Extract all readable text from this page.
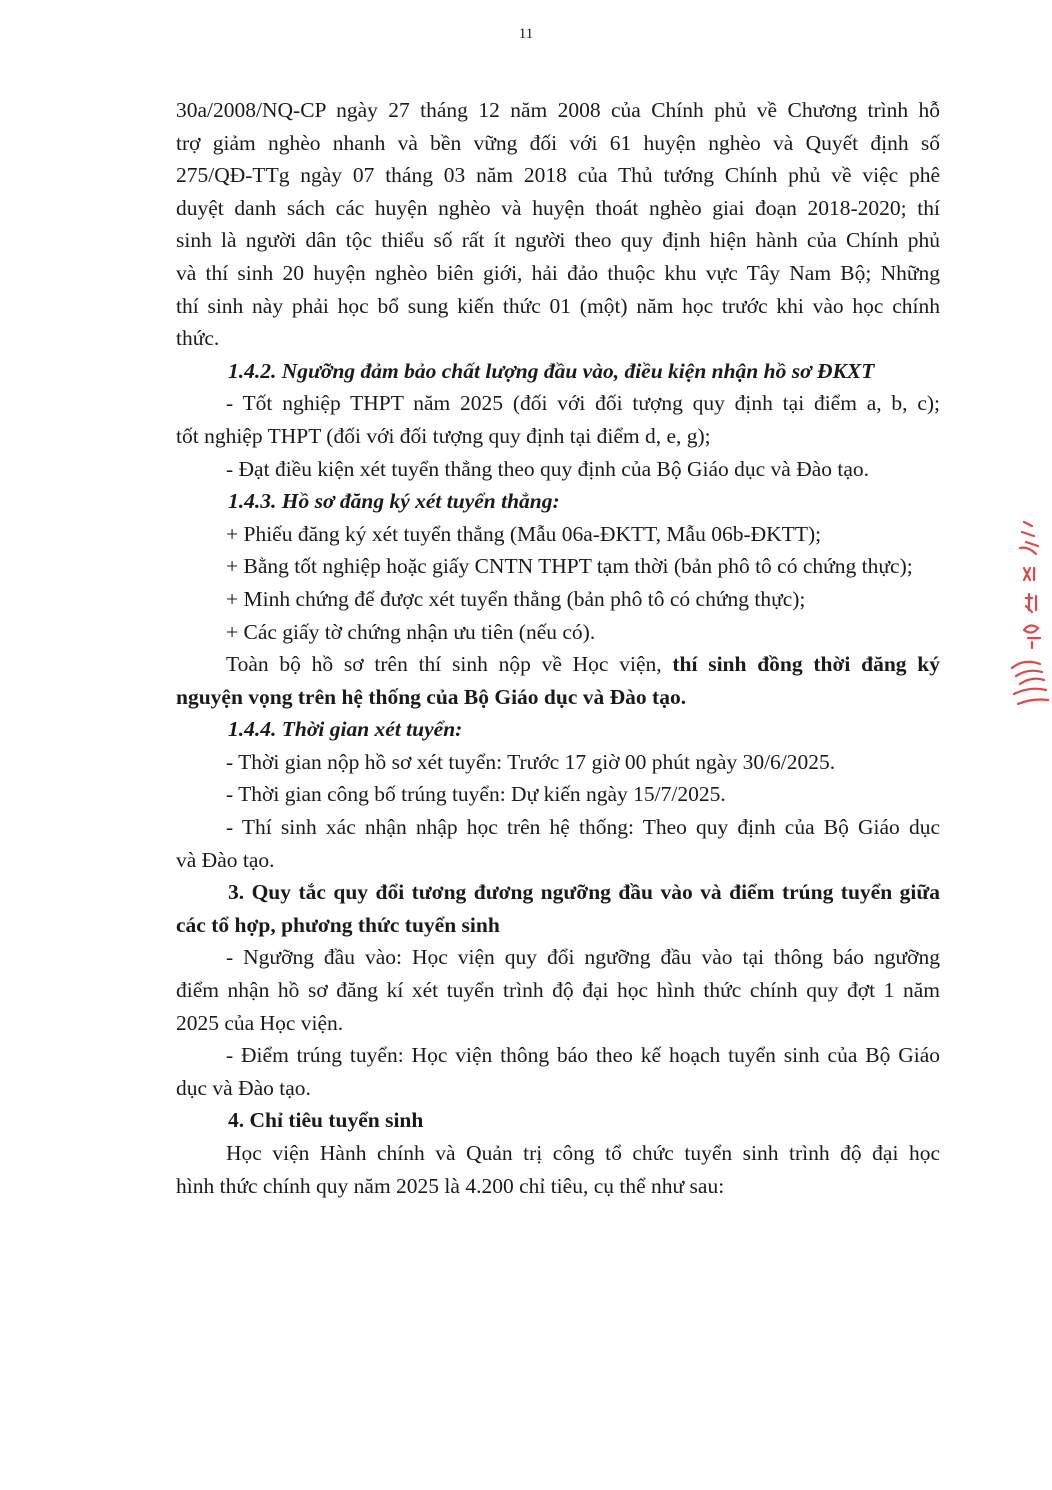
11

30a/2008/NQ-CP ngày 27 tháng 12 năm 2008 của Chính phủ về Chương trình hỗ

trợ giảm nghèo nhanh và bền vững đối với 61 huyện nghèo và Quyết định số

275/QĐ-TTg ngày 07 tháng 03 năm 2018 của Thủ tướng Chính phủ về việc phê

duyệt danh sách các huyện nghèo và huyện thoát nghèo giai đoạn 2018-2020; thí

sinh là người dân tộc thiểu số rất ít người theo quy định hiện hành của Chính phủ

và thí sinh 20 huyện nghèo biên giới, hải đảo thuộc khu vực Tây Nam Bộ; Những

thí sinh này phải học bổ sung kiến thức 01 (một) năm học trước khi vào học chính

thức.

1.4.2. Ngưỡng đảm bảo chất lượng đầu vào, điều kiện nhận hồ sơ ĐKXT

- Tốt nghiệp THPT năm 2025 (đối với đối tượng quy định tại điểm a, b, c);

tốt nghiệp THPT (đối với đối tượng quy định tại điểm d, e, g);

- Đạt điều kiện xét tuyển thẳng theo quy định của Bộ Giáo dục và Đào tạo.

1.4.3. Hồ sơ đăng ký xét tuyển thẳng:

+ Phiếu đăng ký xét tuyển thẳng (Mẫu 06a-ĐKTT, Mẫu 06b-ĐKTT);

+ Bằng tốt nghiệp hoặc giấy CNTN THPT tạm thời (bản phô tô có chứng thực);

+ Minh chứng để được xét tuyển thẳng (bản phô tô có chứng thực);

+ Các giấy tờ chứng nhận ưu tiên (nếu có).

Toàn bộ hồ sơ trên thí sinh nộp về Học viện, thí sinh đồng thời đăng ký

nguyện vọng trên hệ thống của Bộ Giáo dục và Đào tạo.

1.4.4. Thời gian xét tuyển:

- Thời gian nộp hồ sơ xét tuyển: Trước 17 giờ 00 phút ngày 30/6/2025.

- Thời gian công bố trúng tuyển: Dự kiến ngày 15/7/2025.

- Thí sinh xác nhận nhập học trên hệ thống: Theo quy định của Bộ Giáo dục

và Đào tạo.

3. Quy tắc quy đổi tương đương ngưỡng đầu vào và điểm trúng tuyển giữa

các tổ hợp, phương thức tuyển sinh

- Ngưỡng đầu vào: Học viện quy đổi ngưỡng đầu vào tại thông báo ngưỡng

điểm nhận hồ sơ đăng kí xét tuyển trình độ đại học hình thức chính quy đợt 1 năm

2025 của Học viện.

- Điểm trúng tuyển: Học viện thông báo theo kế hoạch tuyển sinh của Bộ Giáo

dục và Đào tạo.

4. Chỉ tiêu tuyển sinh

Học viện Hành chính và Quản trị công tổ chức tuyển sinh trình độ đại học

hình thức chính quy năm 2025 là 4.200 chỉ tiêu, cụ thể như sau:
